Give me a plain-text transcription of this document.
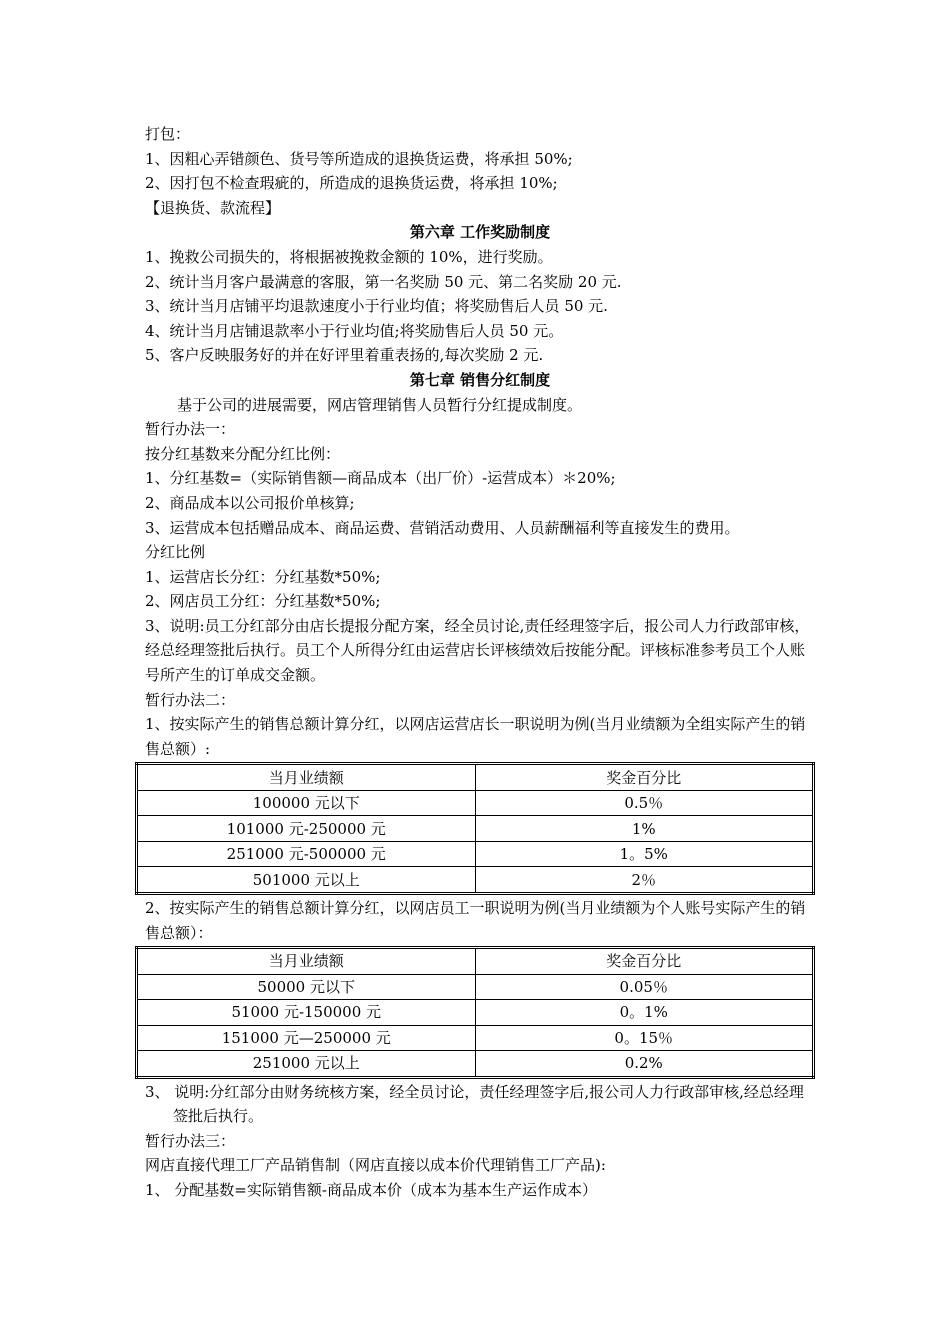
打包：
1、因粗心弄错颜色、货号等所造成的退换货运费，将承担 50%;
2、因打包不检查瑕疵的，所造成的退换货运费，将承担 10%;
【退换货、款流程】
第六章 工作奖励制度
1、挽救公司损失的，将根据被挽救金额的 10%，进行奖励。
2、统计当月客户最满意的客服，第一名奖励 50 元、第二名奖励 20 元.
3、统计当月店铺平均退款速度小于行业均值；将奖励售后人员 50 元.
4、统计当月店铺退款率小于行业均值;将奖励售后人员 50 元。
5、客户反映服务好的并在好评里着重表扬的,每次奖励 2 元.
第七章 销售分红制度
基于公司的进展需要，网店管理销售人员暂行分红提成制度。
暂行办法一：
按分红基数来分配分红比例：
1、分红基数=（实际销售额—商品成本（出厂价）-运营成本）＊20%;
2、商品成本以公司报价单核算;
3、运营成本包括赠品成本、商品运费、营销活动费用、人员薪酬福利等直接发生的费用。
分红比例
1、运营店长分红：分红基数*50%;
2、网店员工分红：分红基数*50%;
3、说明:员工分红部分由店长提报分配方案，经全员讨论,责任经理签字后，报公司人力行政部审核，经总经理签批后执行。员工个人所得分红由运营店长评核绩效后按能分配。评核标准参考员工个人账号所产生的订单成交金额。
暂行办法二：
1、按实际产生的销售总额计算分红，以网店运营店长一职说明为例(当月业绩额为全组实际产生的销售总额）:
当月业绩额	奖金百分比
100000 元以下	0.5％
101000 元-250000 元	1%
251000 元-500000 元	1。5%
501000 元以上	2％
2、按实际产生的销售总额计算分红，以网店员工一职说明为例(当月业绩额为个人账号实际产生的销售总额）：
当月业绩额	奖金百分比
50000 元以下	0.05％
51000 元-150000 元	0。1%
151000 元—250000 元	0。15％
251000 元以上	0.2%
3、 说明:分红部分由财务统核方案，经全员讨论，责任经理签字后,报公司人力行政部审核,经总经理签批后执行。
暂行办法三：
网店直接代理工厂产品销售制（网店直接以成本价代理销售工厂产品):
1、 分配基数=实际销售额-商品成本价（成本为基本生产运作成本）
